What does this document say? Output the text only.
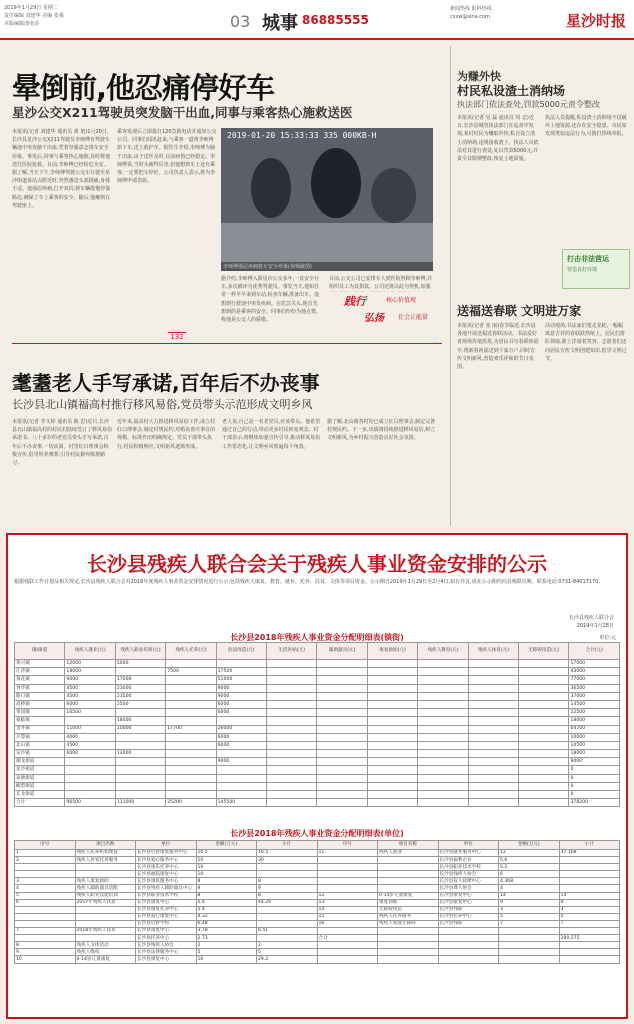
2019年1月29日 星期二
责任编辑 刘建华 美编 张强
本版编辑部电话	03 城事 86885555
新闻热线 报料热线
csxw@sina.com	星沙时报
晕倒前,他忍痛停好车
星沙公交X211驾驶员突发脑干出血,同事与乘客热心施救送医

本报讯(记者 刘建华 通讯员 黄 旭)1月20日,长沙县星沙公交X211驾驶员李师傅在驾驶车辆途中突发脑干出血,凭着坚强意志将车安全停靠。事发后,同事与乘客热心施救,及时将他送往医院抢救。目前,李师傅已经转危为安。据了解,当天下午,李师傅驾驶公交车行驶至星沙街道某站点附近时,突然感觉头部剧痛,身体不适。他强忍疼痛,打开双闪,将车辆缓慢停靠路边,确保了车上乘客的安全。随后,他瘫倒在驾驶座上。

乘客发现后立即拨打120急救电话并通知公交公司。同事们闻讯赶来,与乘客一道将李师傅抬下车,送上救护车。据医生介绍,李师傅为脑干出血,由于送医及时,目前病情已经稳定。李师傅说,当时头痛得厉害,但他想到车上还有乘客,一定要把车停好。公司负责人表示,将为李师傅申请表彰。

2019-01-20 15:33:33 335 000KB-H
李师傅强忍疼痛将车安全停靠(视频截图)

据介绍,李师傅入职星沙公交多年,一直安全行车,多次被评为优秀驾驶员。事发当天,他如往常一样早早来到车站,检查车辆,准备出车。没想到行驶途中突发疾病。在危急关头,他首先想到的是乘客的安全。同事们纷纷为他点赞,称他是公交人的骄傲。

目前,公交公司已安排专人到医院照顾李师傅,并组织员工为其捐款。公司还将以此为契机,加强

践行	核心价值观
弘扬 社会正能量
132
耄耋老人手写承诺,百年后不办丧事
长沙县北山镇福高村推行移风易俗,党员带头示范形成文明乡风

本报讯(记者 李文婷 通讯员 陈 思)近日,长沙县北山镇福高村的村民们陆续签订了移风易俗承诺书。八十多岁的老党员带头手写承诺,百年后不办丧事,一切从简。村里红白理事会积极宣传,倡导厚养薄葬,引导村民摒弃陈规陋习。

近年来,福高村大力推进移风易俗工作,成立村红白理事会,制定村规民约,对婚丧喜庆事宜的规模、标准作出明确规定。党员干部带头执行,村民积极响应,文明新风逐渐形成。

老人说,自己是一名老党员,应该带头。他希望通过自己的行动,带动更多村民转变观念。村干部表示,将继续加强宣传引导,推动移风易俗工作常态化,让文明乡风吹遍每个角落。

据了解,北山镇各村均已成立红白理事会,制定完善村规民约。下一步,该镇将持续推进移风易俗,树立文明新风,为乡村振兴营造良好社会氛围。

为赚外快
村民私设渣土消纳场
执法部门依法查处,罚款5000元责令整改

本报讯(记者 吴 磊 通讯员 周 志)近日,长沙县城管执法部门在巡查中发现,某村村民为赚取外快,私自设立渣土消纳场,违规接收渣土。执法人员依法对其进行查处,处以罚款5000元,并责令其限期整改,恢复土地原貌。

执法人员提醒,私设渣土消纳场不仅破坏土地资源,还存在安全隐患。市民如发现类似违法行为,可拨打热线举报。

打击非法营运
营造良好环境
送福送春联 文明进万家

本报讯(记者 张 丽)春节临近,长沙县各地开展送福送春联活动。书法爱好者现场挥毫泼墨,为居民书写春联和福字,将新春祝福送到千家万户,同时宣传文明新风,营造欢乐祥和的节日氛围。

活动现场,书法家们笔走龙蛇,一幅幅寓意吉祥的春联跃然纸上。居民们排队领取,脸上洋溢着笑容。志愿者们还向居民宣传文明创建知识,倡导文明过节。

长沙县残疾人联合会关于残疾人事业资金安排的公示
根据残联工作计划及相关规定,长沙县残疾人联合会对2018年度残疾人事业资金安排情况进行公示,包括残疾人康复、教育、就业、托养、扶贫、文体等项目资金。公示期自2019年1月29日至2月4日,如有异议,请在公示期内向县残联反映。联系电话:0731-84017170。
长沙县残疾人联合会
2019年1月28日
长沙县2018年残疾人事业资金分配明细表(镇街)	单位:元
镇/街道	残疾人就业(元)	残疾人职业培训(元)	残疾人托养(元)	危房改造(元)	生活补贴(元)	辅助器具(元)	康复救助(元)	残疾人教育(元)	残疾人体育(元)	无障碍改造(元)	合计(元)
黄兴镇	12000	5000									17000
江背镇	18000		7500	17500							43000
黄花镇	9000	17000		51000							77000
春华镇	4500	23000		9000							36500
路口镇	4500	23500		9000							37000
高桥镇	6000	2500		6000							14500
果园镇	16500			6000							22500
福临镇		18000									18000
金井镇	11000	10000	17700	26000							64700
开慧镇	4000			6000							10000
北山镇	4500			6000							10500
安沙镇	6000	12000									18000
湘龙街道				9000							9000
星沙街道											0
泉塘街道											0
榔梨街道											0
长龙街道											0
合计	96500	111000	25200	145500							378200
长沙县2018年残疾人事业资金分配明细表(单位)
序号	项目名称	单位	金额(万元)	小计	序号	项目名称	单位	金额(万元)	小计
1	残疾人托养机构建设	长沙县启智康复服务中心	16.5	16.5	11	残疾人就业	长沙县就业服务中心	12	37.168
2	残疾人居家托养服务	长沙县爱心服务中心	10	30			长沙县福利企业	5.6	
		长沙县康乐托养中心	10				长沙县职业技术学校	5.2	
		长沙县福临康复中心	10				长沙县残疾人协会	6	
3	残疾人康复救助	长沙县康复服务中心	8	8			长沙县盲人按摩中心	4.368	
4	残疾人辅助器具适配	长沙县残疾人辅助器具中心	9	9			长沙县聋人协会	4	
5	残疾人职业技能培训	长沙县职业技术学校	8	8	12	0-14岁儿童康复	长沙县康复中心	14	14
6	2017年残疾人扶贫	长沙县康复中心	5.4	44.26	13	康复训练	长沙县康复中心	9	9
		长沙县康复托养中心	5.4		14	无障碍改造	长沙县残联	3	3
		长沙县爱心康复中心	4.32		15	残疾人托养服务	长沙县托养中心	5	5
		长沙县启智学校	6.48		16	残疾人家庭无障碍	长沙县残联	7	7
7	2018年残疾人扶贫	长沙县康复中心	3.78	6.51					
		长沙县托养中心	2.73		合计				280.275
8	残疾人文体活动	长沙县残疾人协会	2	2					
9	残疾人维权	长沙县法律服务中心	5	5					
10	0-14岁儿童康复	长沙县康复中心	16	29.2					
